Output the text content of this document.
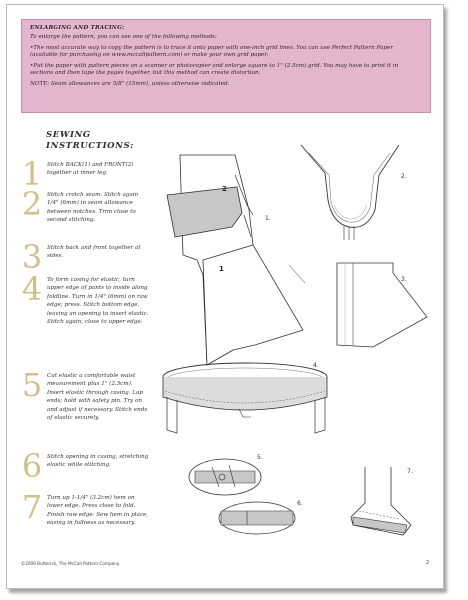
ENLARGING AND TRACING:

To enlarge the pattern, you can use one of the following methods:

•The most accurate way to copy the pattern is to trace it onto paper with one-inch grid lines. You can use Perfect Pattern Paper (available for purchasing on www.mccallpattern.com) or make your own grid paper.

•Put the paper with pattern pieces on a scanner or photocopier and enlarge square to 1" (2.5cm) grid. You may have to print it in sections and then tape the pages together, but this method can create distortion.

NOTE: Seam allowances are 5/8" (15mm), unless otherwise indicated.

2
1
1.
2.
3.
4.
5.
6.
7.
SEWING
INSTRUCTIONS:
1 Stitch BACK(1) and FRONT(2) together at inner leg.
2 Stitch crotch seam. Stitch again 1/4" (6mm) in seam allowance between notches. Trim close to second stitching.
3 Stitch back and front together at sides.
4 To form casing for elastic, turn upper edge of pants to inside along foldline. Turn in 1/4" (6mm) on raw edge; press. Stitch bottom edge, leaving an opening to insert elastic. Stitch again, close to upper edge.
5 Cut elastic a comfortable waist measurement plus 1" (2.5cm). Insert elastic through casing. Lap ends; hold with safety pin. Try on and adjust if necessary. Stitch ends of elastic securely.
6 Stitch opening in casing, stretching elastic while stitching.
7 Turn up 1-1/4" (3.2cm) hem on lower edge. Press close to fold. Finish raw edge. Sew hem in place, easing in fullness as necessary.
©2009 Butterick, The McCall Pattern Company.	2
